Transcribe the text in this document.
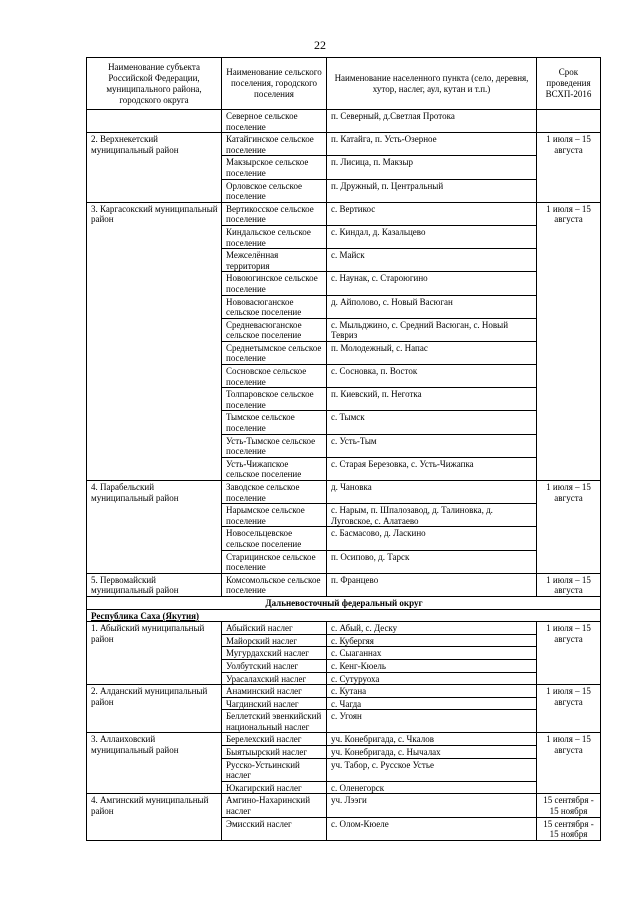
22
Наименование субъекта Российской Федерации, муниципального района, городского округа	Наименование сельского поселения, городского поселения	Наименование населенного пункта (село, деревня, хутор, наслег, аул, кутан и т.п.)	Срок проведения ВСХП-2016
	Северное сельское поселение	п. Северный, д.Светлая Протока	
2. Верхнекетский муниципальный район	Катайгинское сельское поселение	п. Катайга, п. Усть-Озерное	1 июля – 15 августа
	Макзырское сельское поселение	п. Лисица, п. Макзыр	
	Орловское сельское поселение	п. Дружный, п. Центральный	
3. Каргасокский муниципальный район	Вертикосское сельское поселение	с. Вертикос	1 июля – 15 августа
	Киндальское сельское поселение	с. Киндал, д. Казальцево	
	Межселённая территория	с. Майск	
	Новоюгинское сельское поселение	с. Наунак, с. Староюгино	
	Нововасюганское сельское поселение	д. Айполово, с. Новый Васюган	
	Средневасюганское сельское поселение	с. Мыльджино, с. Средний Васюган, с. Новый Тевриз	
	Среднетымское сельское поселение	п. Молодежный, с. Напас	
	Сосновское сельское поселение	с. Сосновка, п. Восток	
	Толпаровское сельское поселение	п. Киевский, п. Неготка	
	Тымское сельское поселение	с. Тымск	
	Усть-Тымское сельское поселение	с. Усть-Тым	
	Усть-Чижапское сельское поселение	с. Старая Березовка, с. Усть-Чижапка	
4. Парабельский муниципальный район	Заводское сельское поселение	д. Чановка	1 июля – 15 августа
	Нарымское сельское поселение	с. Нарым, п. Шпалозавод, д. Талиновка, д. Луговское, с. Алатаево	
	Новосельцевское сельское поселение	с. Басмасово, д. Ласкино	
	Старицинское сельское поселение	п. Осипово, д. Тарск	
5. Первомайский муниципальный район	Комсомольское сельское поселение	п. Францево	1 июля – 15 августа
Дальневосточный федеральный округ			
Республика Саха (Якутия)			
1. Абыйский муниципальный район	Абыйский наслег	с. Абый, с. Деску	1 июля – 15 августа
	Майорский наслег	с. Кубергяя	
	Мугурдахский наслег	с. Сыаганнах	
	Уолбутский наслег	с. Кенг-Кюель	
	Урасалахский наслег	с. Сутуруоха	
2. Алданский муниципальный район	Анаминский наслег	с. Кутана	1 июля – 15 августа
	Чагдинский наслег	с. Чагда	
	Беллетский эвенкийский национальный наслег	с. Угоян	
3. Аллаиховский муниципальный район	Берелехский наслег	уч. Конебригада, с. Чкалов	1 июля – 15 августа
	Быятыырский наслег	уч. Конебригада, с. Нычалах	
	Русско-Устьинский наслег	уч. Табор, с. Русское Устье	
	Юкагирский наслег	с. Оленегорск	
4. Амгинский муниципальный район	Амгино-Нахаринский наслег	уч. Лээги	15 сентября - 15 ноября
	Эмисский наслег	с. Олом-Кюеле	15 сентября - 15 ноября
